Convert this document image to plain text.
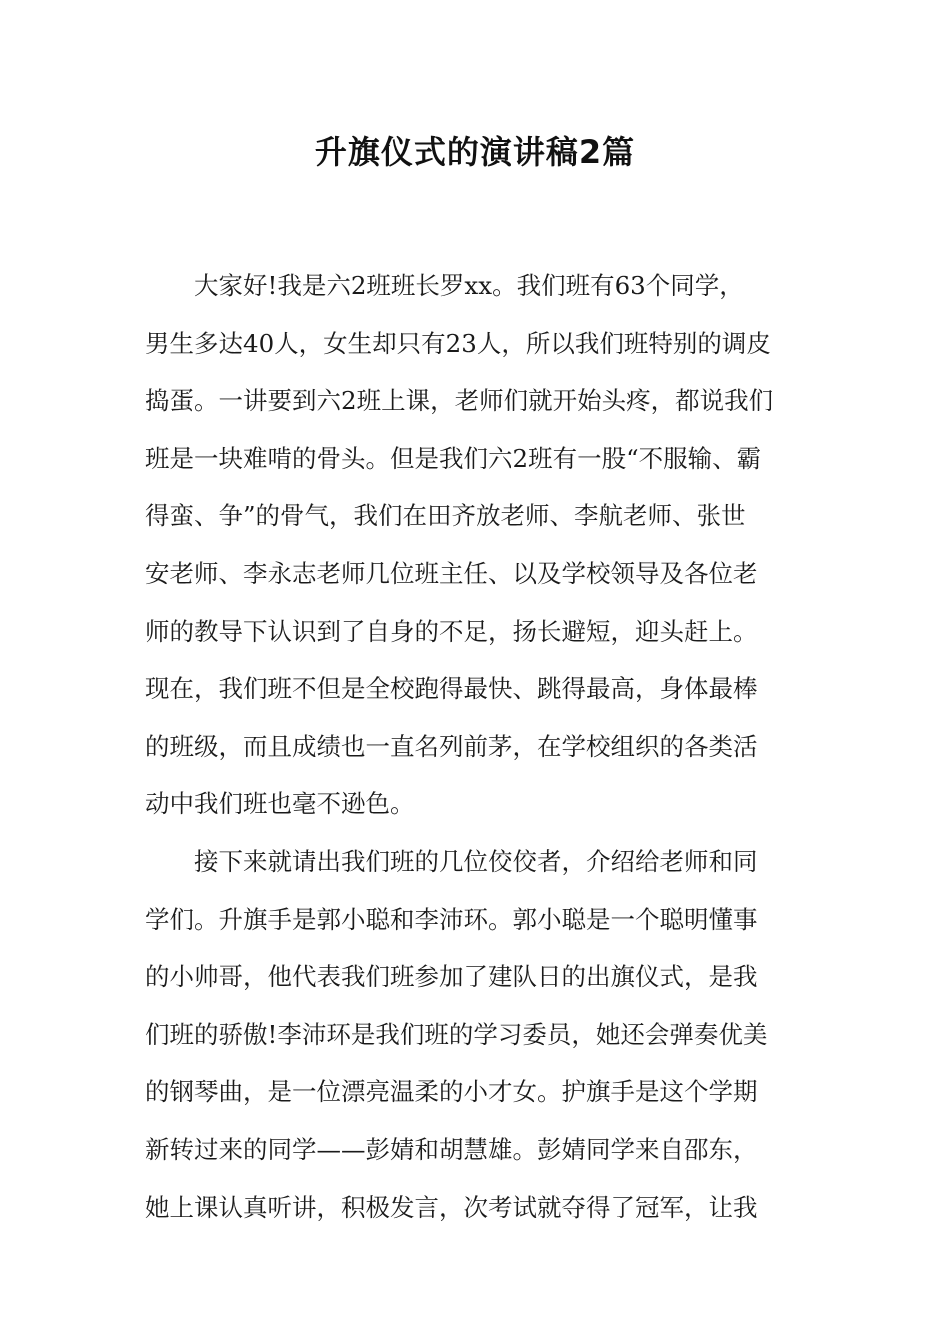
升旗仪式的演讲稿2篇

大家好!我是六2班班长罗xx。我们班有63个同学，
男生多达40人，女生却只有23人，所以我们班特别的调皮
捣蛋。一讲要到六2班上课，老师们就开始头疼，都说我们
班是一块难啃的骨头。但是我们六2班有一股“不服输、霸
得蛮、争”的骨气，我们在田齐放老师、李航老师、张世
安老师、李永志老师几位班主任、以及学校领导及各位老
师的教导下认识到了自身的不足，扬长避短，迎头赶上。
现在，我们班不但是全校跑得最快、跳得最高，身体最棒
的班级，而且成绩也一直名列前茅，在学校组织的各类活
动中我们班也毫不逊色。

接下来就请出我们班的几位佼佼者，介绍给老师和同
学们。升旗手是郭小聪和李沛环。郭小聪是一个聪明懂事
的小帅哥，他代表我们班参加了建队日的出旗仪式，是我
们班的骄傲!李沛环是我们班的学习委员，她还会弹奏优美
的钢琴曲，是一位漂亮温柔的小才女。护旗手是这个学期
新转过来的同学——彭婧和胡慧雄。彭婧同学来自邵东，
她上课认真听讲，积极发言，次考试就夺得了冠军，让我
